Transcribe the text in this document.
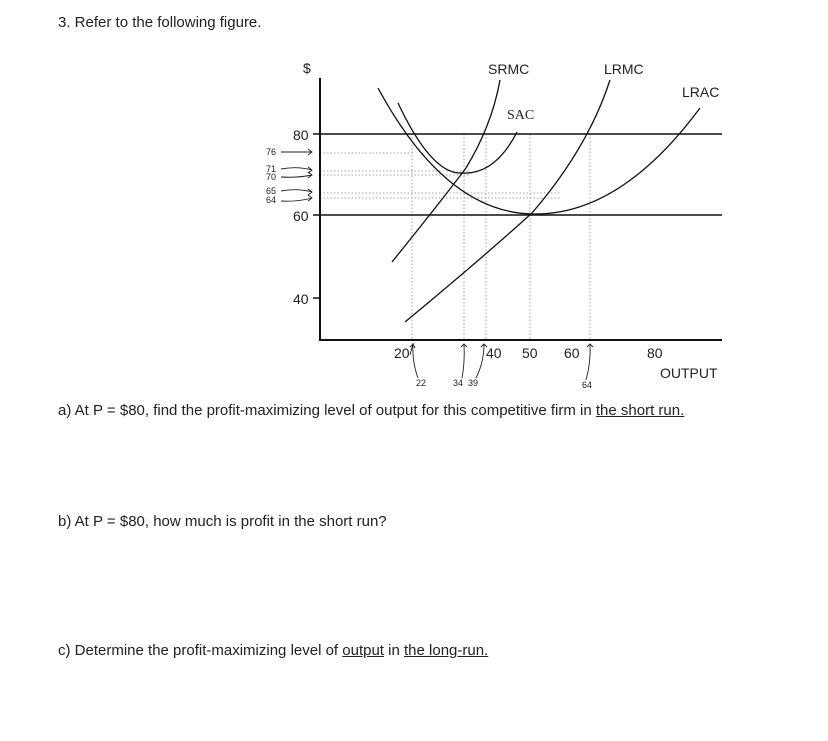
3. Refer to the following figure.
SRMC
SAC
LRMC
LRAC
$
OUTPUT
80
60
40
76
71
70
65
64
20	40 50 60	80
22	34 39	64
a) At P = $80, find the profit-maximizing level of output for this competitive firm in the short run.
b) At P = $80, how much is profit in the short run?
c) Determine the profit-maximizing level of output in the long-run.
